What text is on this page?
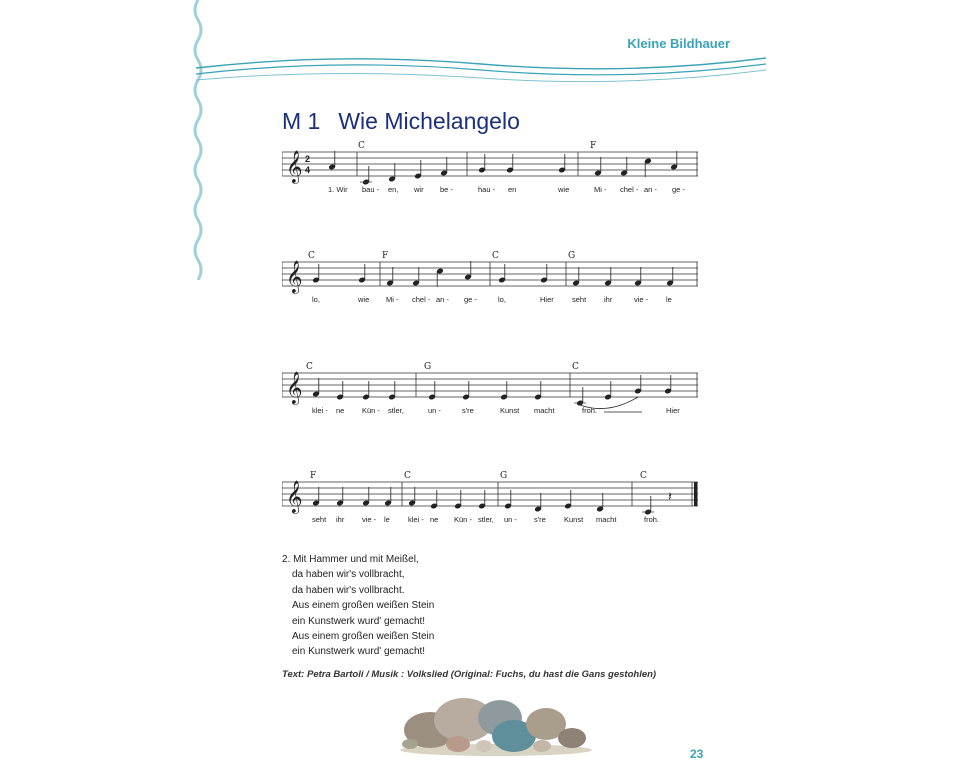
Kleine Bildhauer
M 1 Wie Michelangelo
𝄞 2
4
C	F
1. Wir bau - en, wir be -	hau - en	wie	Mi - chel - an - ge -
𝄞
C	F	C	G
lo,	wie Mi - chel - an - ge -	lo,	Hier seht ihr	vie - le
𝄞
C	G	C
klei - ne Kün - stler,	un -	s're	Kunst macht	froh.	Hier
𝄞	𝄽
F	C	G	C
seht ihr vie - le klei - ne Kün - stler, un - s're Kunst macht	froh.
2. Mit Hammer und mit Meißel,
da haben wir's vollbracht,
da haben wir's vollbracht.
Aus einem großen weißen Stein
ein Kunstwerk wurd' gemacht!
Aus einem großen weißen Stein
ein Kunstwerk wurd' gemacht!
Text: Petra Bartoli / Musik : Volkslied (Original: Fuchs, du hast die Gans gestohlen)
23
